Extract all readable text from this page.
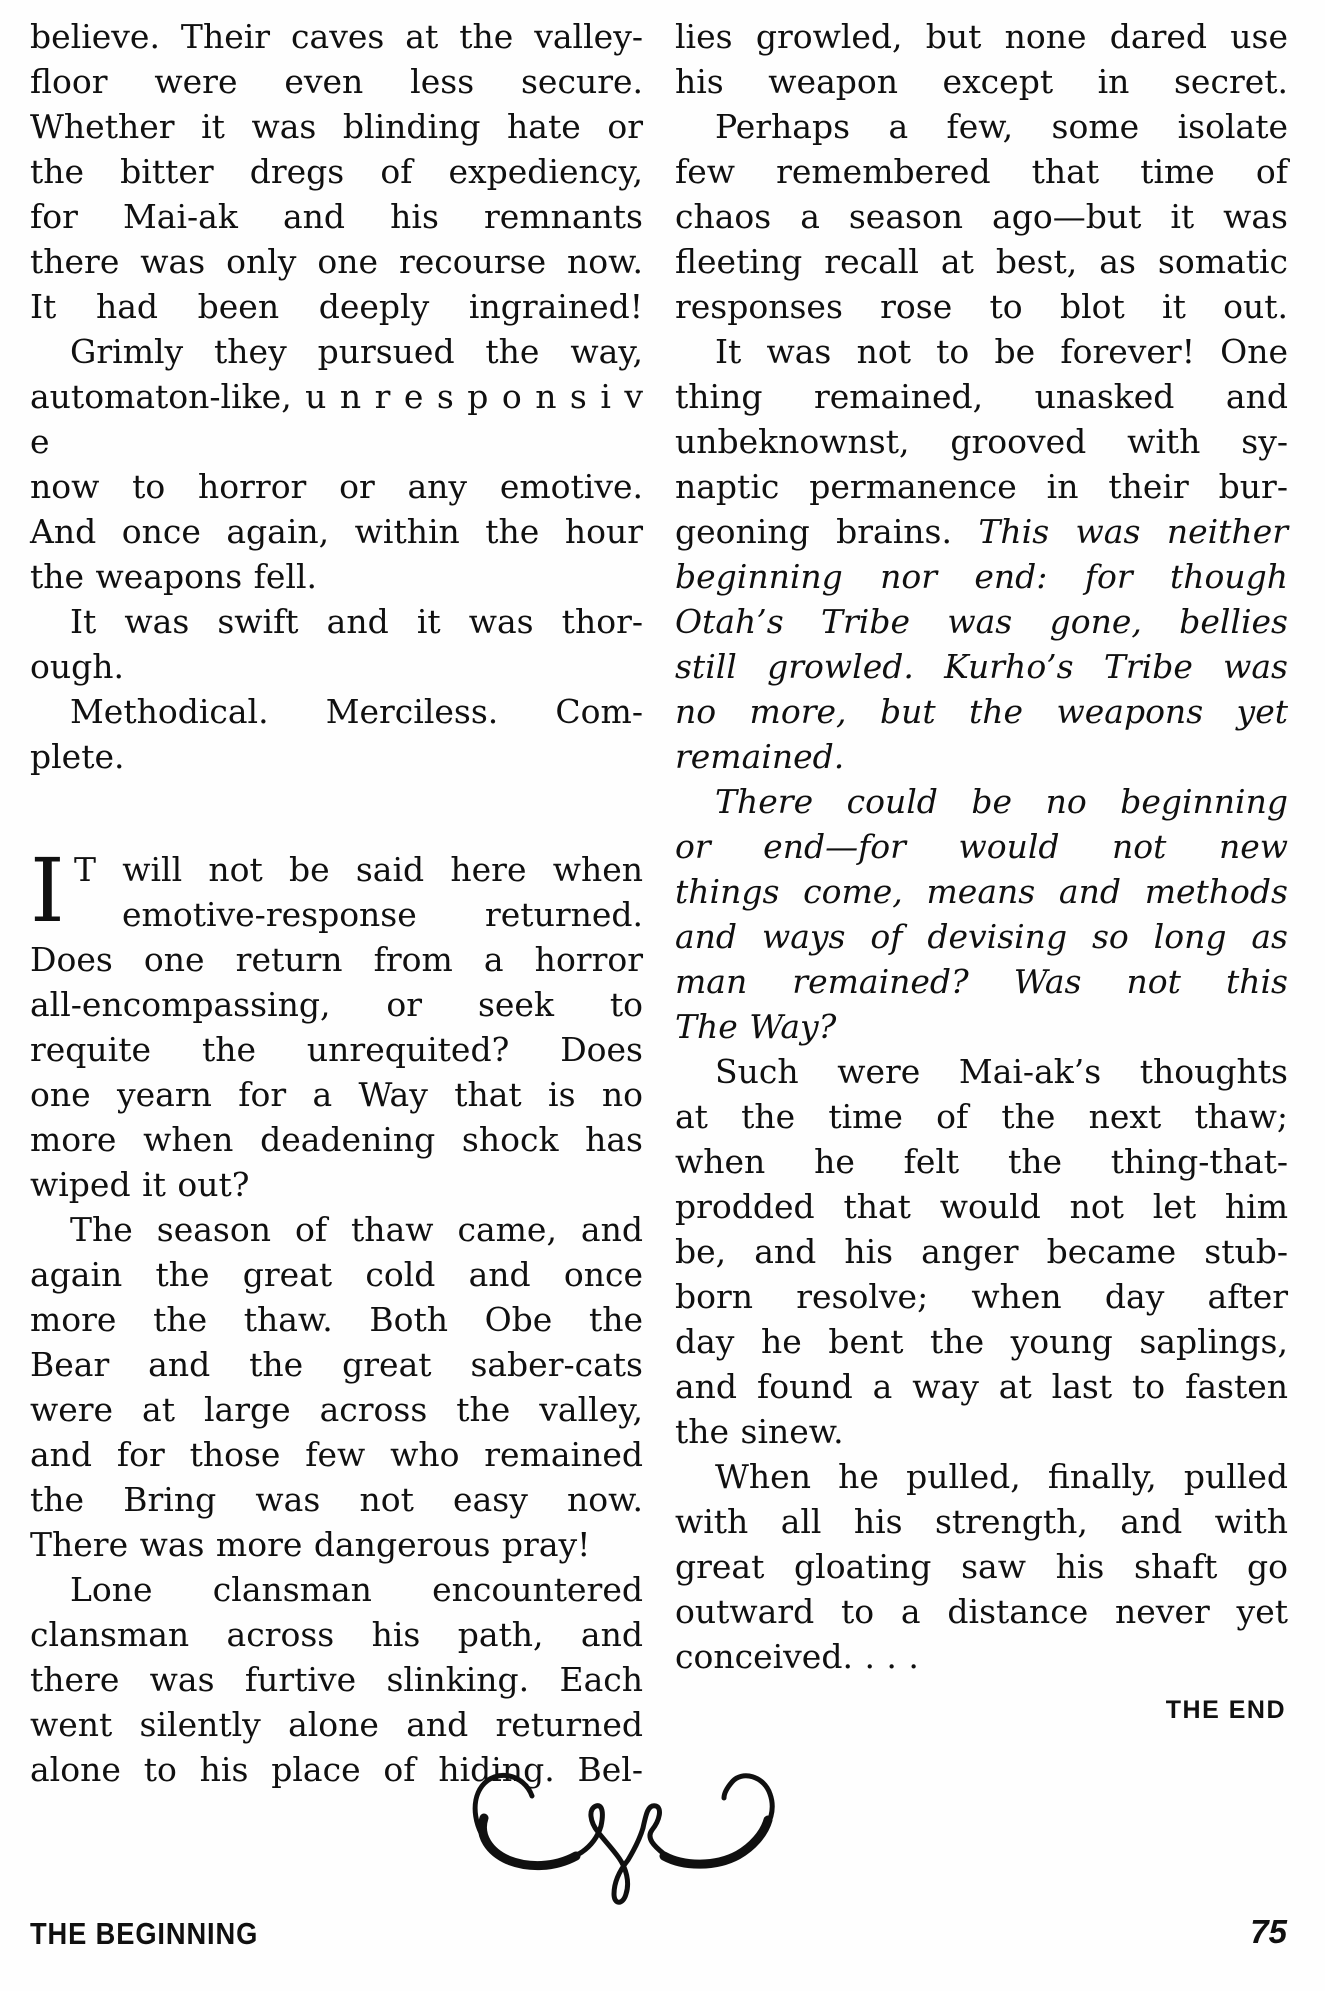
believe. Their caves at the valley-
floor were even less secure.
Whether it was blinding hate or
the bitter dregs of expediency,
for Mai-ak and his remnants
there was only one recourse now.
It had been deeply ingrained!
Grimly they pursued the way,
automaton-like, u n r e s p o n s i v e
now to horror or any emotive.
And once again, within the hour
the weapons fell.
It was swift and it was thor-
ough.
Methodical. Merciless. Com-
plete.
I T will not be said here when
emotive-response returned.
Does one return from a horror
all-encompassing, or seek to
requite the unrequited? Does
one yearn for a Way that is no
more when deadening shock has
wiped it out?
The season of thaw came, and
again the great cold and once
more the thaw. Both Obe the
Bear and the great saber-cats
were at large across the valley,
and for those few who remained
the Bring was not easy now.
There was more dangerous pray!
Lone clansman encountered
clansman across his path, and
there was furtive slinking. Each
went silently alone and returned
alone to his place of hiding. Bel-
lies growled, but none dared use
his weapon except in secret.
Perhaps a few, some isolate
few remembered that time of
chaos a season ago—but it was
fleeting recall at best, as somatic
responses rose to blot it out.
It was not to be forever! One
thing remained, unasked and
unbeknownst, grooved with sy-
naptic permanence in their bur-
geoning brains. This was neither
beginning nor end: for though
Otah’s Tribe was gone, bellies
still growled. Kurho’s Tribe was
no more, but the weapons yet
remained.
There could be no beginning
or end—for would not new
things come, means and methods
and ways of devising so long as
man remained? Was not this
The Way?
Such were Mai-ak’s thoughts
at the time of the next thaw;
when he felt the thing-that-
prodded that would not let him
be, and his anger became stub-
born resolve; when day after
day he bent the young saplings,
and found a way at last to fasten
the sinew.
When he pulled, finally, pulled
with all his strength, and with
great gloating saw his shaft go
outward to a distance never yet
conceived. . . .
THE END
THE BEGINNING	75
